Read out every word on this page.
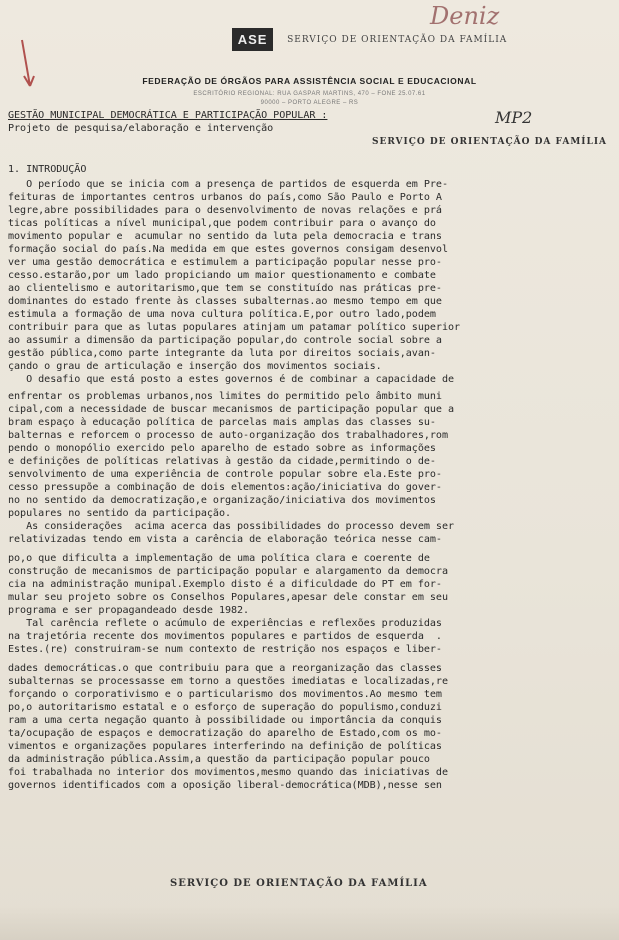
Deniz
ASE SERVIÇO DE ORIENTAÇÃO DA FAMÍLIA
FEDERAÇÃO DE ÓRGÃOS PARA ASSISTÊNCIA SOCIAL E EDUCACIONAL
ESCRITÓRIO REGIONAL: RUA GASPAR MARTINS, 470 – FONE 25.07.61
90000 – PORTO ALEGRE – RS
GESTÃO MUNICIPAL DEMOCRÁTICA E PARTICIPAÇÃO POPULAR :	MP2
Projeto de pesquisa/elaboração e intervenção
SERVIÇO DE ORIENTAÇÃO DA FAMÍLIA
1. INTRODUÇÃO
O período que se inicia com a presença de partidos de esquerda em Pre-
feituras de importantes centros urbanos do país,como São Paulo e Porto A
legre,abre possibilidades para o desenvolvimento de novas relações e prá
ticas políticas a nível municipal,que podem contribuir para o avanço do
movimento popular e  acumular no sentido da luta pela democracia e trans
formação social do país.Na medida em que estes governos consigam desenvol
ver uma gestão democrática e estimulem a participação popular nesse pro-
cesso.estarão,por um lado propiciando um maior questionamento e combate
ao clientelismo e autoritarismo,que tem se constituído nas práticas pre-
dominantes do estado frente às classes subalternas.ao mesmo tempo em que
estimula a formação de uma nova cultura política.E,por outro lado,podem
contribuir para que as lutas populares atinjam um patamar político superior
ao assumir a dimensão da participação popular,do controle social sobre a
gestão pública,como parte integrante da luta por direitos sociais,avan-
çando o grau de articulação e inserção dos movimentos sociais.
O desafio que está posto a estes governos é de combinar a capacidade de
enfrentar os problemas urbanos,nos limites do permitido pelo âmbito muni
cipal,com a necessidade de buscar mecanismos de participação popular que a
bram espaço à educação política de parcelas mais amplas das classes su-
balternas e reforcem o processo de auto-organização dos trabalhadores,rom
pendo o monopólio exercido pelo aparelho de estado sobre as informações
e definições de políticas relativas à gestão da cidade,permitindo o de-
senvolvimento de uma experiência de controle popular sobre ela.Este pro-
cesso pressupõe a combinação de dois elementos:ação/iniciativa do gover-
no no sentido da democratização,e organização/iniciativa dos movimentos
populares no sentido da participação.
As considerações  acima acerca das possibilidades do processo devem ser
relativizadas tendo em vista a carência de elaboração teórica nesse cam-
po,o que dificulta a implementação de uma política clara e coerente de
construção de mecanismos de participação popular e alargamento da democra
cia na administração munipal.Exemplo disto é a dificuldade do PT em for-
mular seu projeto sobre os Conselhos Populares,apesar dele constar em seu
programa e ser propagandeado desde 1982.
Tal carência reflete o acúmulo de experiências e reflexões produzidas
na trajetória recente dos movimentos populares e partidos de esquerda  .
Estes.(re) construiram-se num contexto de restrição nos espaços e liber-
dades democráticas.o que contribuiu para que a reorganização das classes
subalternas se processasse em torno a questões imediatas e localizadas,re
forçando o corporativismo e o particularismo dos movimentos.Ao mesmo tem
po,o autoritarismo estatal e o esforço de superação do populismo,conduzi
ram a uma certa negação quanto à possibilidade ou importância da conquis
ta/ocupação de espaços e democratização do aparelho de Estado,com os mo-
vimentos e organizações populares interferindo na definição de políticas
da administração pública.Assim,a questão da participação popular pouco
foi trabalhada no interior dos movimentos,mesmo quando das iniciativas de
governos identificados com a oposição liberal-democrática(MDB),nesse sen
SERVIÇO DE ORIENTAÇÃO DA FAMÍLIA
